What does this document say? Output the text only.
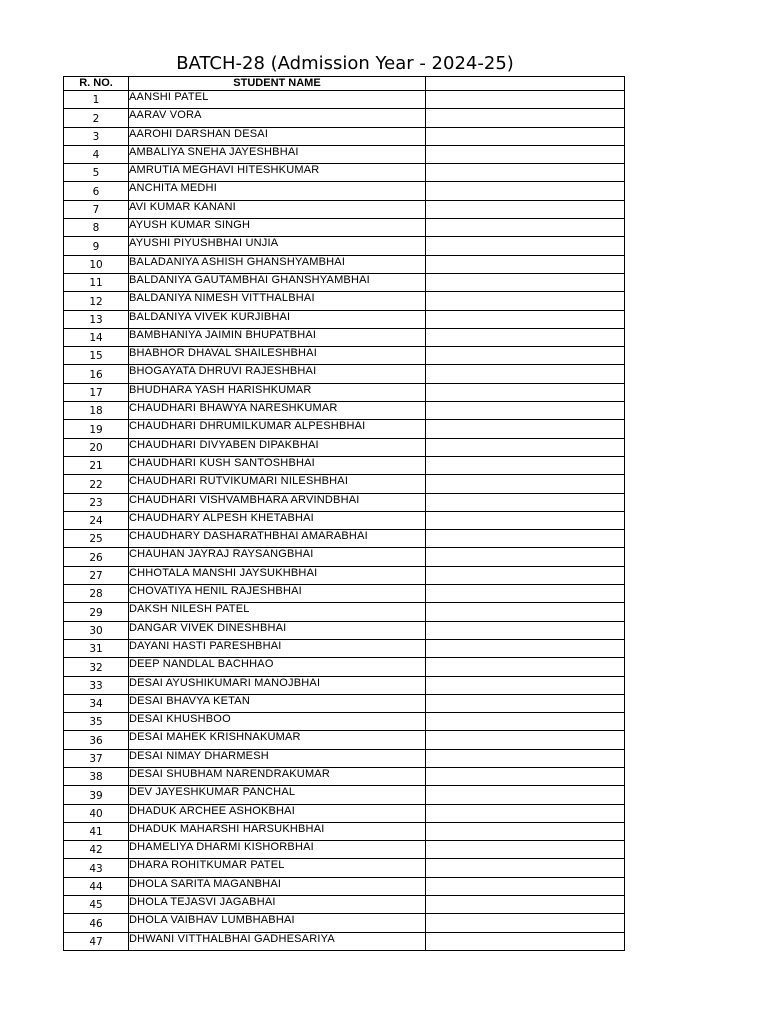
BATCH-28 (Admission Year - 2024-25)
R. NO.	STUDENT NAME	
1	AANSHI PATEL	
2	AARAV VORA	
3	AAROHI DARSHAN DESAI	
4	AMBALIYA SNEHA JAYESHBHAI	
5	AMRUTIA MEGHAVI HITESHKUMAR	
6	ANCHITA MEDHI	
7	AVI KUMAR KANANI	
8	AYUSH KUMAR SINGH	
9	AYUSHI PIYUSHBHAI UNJIA	
10	BALADANIYA ASHISH GHANSHYAMBHAI	
11	BALDANIYA GAUTAMBHAI GHANSHYAMBHAI	
12	BALDANIYA NIMESH VITTHALBHAI	
13	BALDANIYA VIVEK KURJIBHAI	
14	BAMBHANIYA JAIMIN BHUPATBHAI	
15	BHABHOR DHAVAL SHAILESHBHAI	
16	BHOGAYATA DHRUVI RAJESHBHAI	
17	BHUDHARA YASH HARISHKUMAR	
18	CHAUDHARI BHAWYA NARESHKUMAR	
19	CHAUDHARI DHRUMILKUMAR ALPESHBHAI	
20	CHAUDHARI DIVYABEN DIPAKBHAI	
21	CHAUDHARI KUSH SANTOSHBHAI	
22	CHAUDHARI RUTVIKUMARI NILESHBHAI	
23	CHAUDHARI VISHVAMBHARA ARVINDBHAI	
24	CHAUDHARY ALPESH KHETABHAI	
25	CHAUDHARY DASHARATHBHAI AMARABHAI	
26	CHAUHAN JAYRAJ RAYSANGBHAI	
27	CHHOTALA MANSHI JAYSUKHBHAI	
28	CHOVATIYA HENIL RAJESHBHAI	
29	DAKSH NILESH PATEL	
30	DANGAR VIVEK DINESHBHAI	
31	DAYANI HASTI PARESHBHAI	
32	DEEP NANDLAL BACHHAO	
33	DESAI AYUSHIKUMARI MANOJBHAI	
34	DESAI BHAVYA KETAN	
35	DESAI KHUSHBOO	
36	DESAI MAHEK KRISHNAKUMAR	
37	DESAI NIMAY DHARMESH	
38	DESAI SHUBHAM NARENDRAKUMAR	
39	DEV JAYESHKUMAR PANCHAL	
40	DHADUK ARCHEE ASHOKBHAI	
41	DHADUK MAHARSHI HARSUKHBHAI	
42	DHAMELIYA DHARMI KISHORBHAI	
43	DHARA ROHITKUMAR PATEL	
44	DHOLA SARITA MAGANBHAI	
45	DHOLA TEJASVI JAGABHAI	
46	DHOLA VAIBHAV LUMBHABHAI	
47	DHWANI VITTHALBHAI GADHESARIYA	
